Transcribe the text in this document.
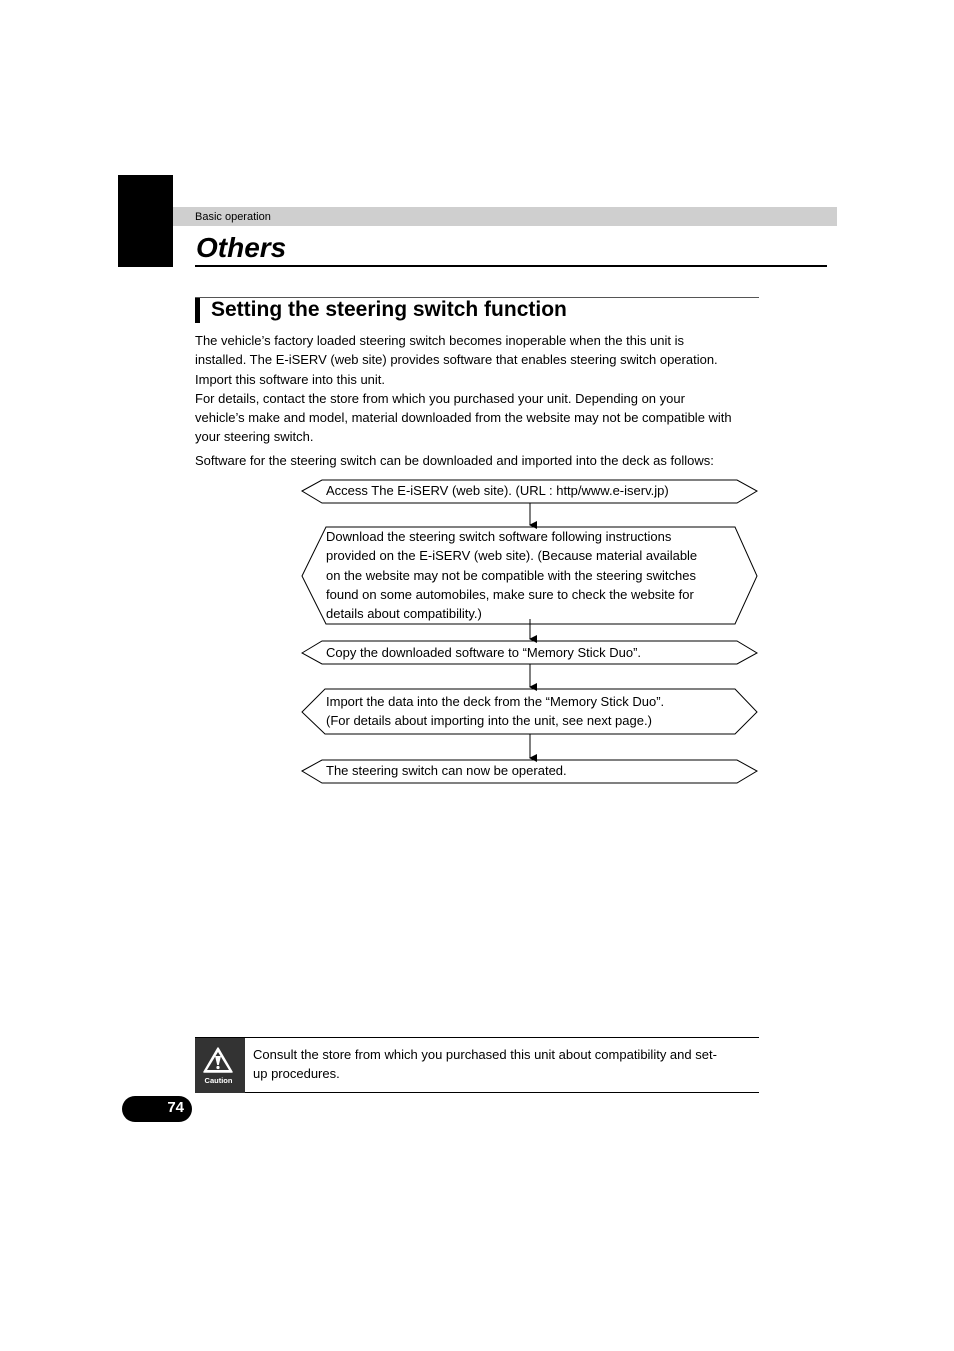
Basic operation
Others
Setting the steering switch function

The vehicle’s factory loaded steering switch becomes inoperable when the this unit is
installed. The E-iSERV (web site) provides software that enables steering switch operation.
Import this software into this unit.
For details, contact the store from which you purchased your unit. Depending on your
vehicle’s make and model, material downloaded from the website may not be compatible with
your steering switch.

Software for the steering switch can be downloaded and imported into the deck as follows:

Access The E-iSERV (web site). (URL : http/www.e-iserv.jp)

Download the steering switch software following instructions
provided on the E-iSERV (web site). (Because material available
on the website may not be compatible with the steering switches
found on some automobiles, make sure to check the website for
details about compatibility.)

Copy the downloaded software to “Memory Stick Duo”.

Import the data into the deck from the “Memory Stick Duo”.
(For details about importing into the unit, see next page.)

The steering switch can now be operated.

Caution

Consult the store from which you purchased this unit about compatibility and set-
up procedures.

74
